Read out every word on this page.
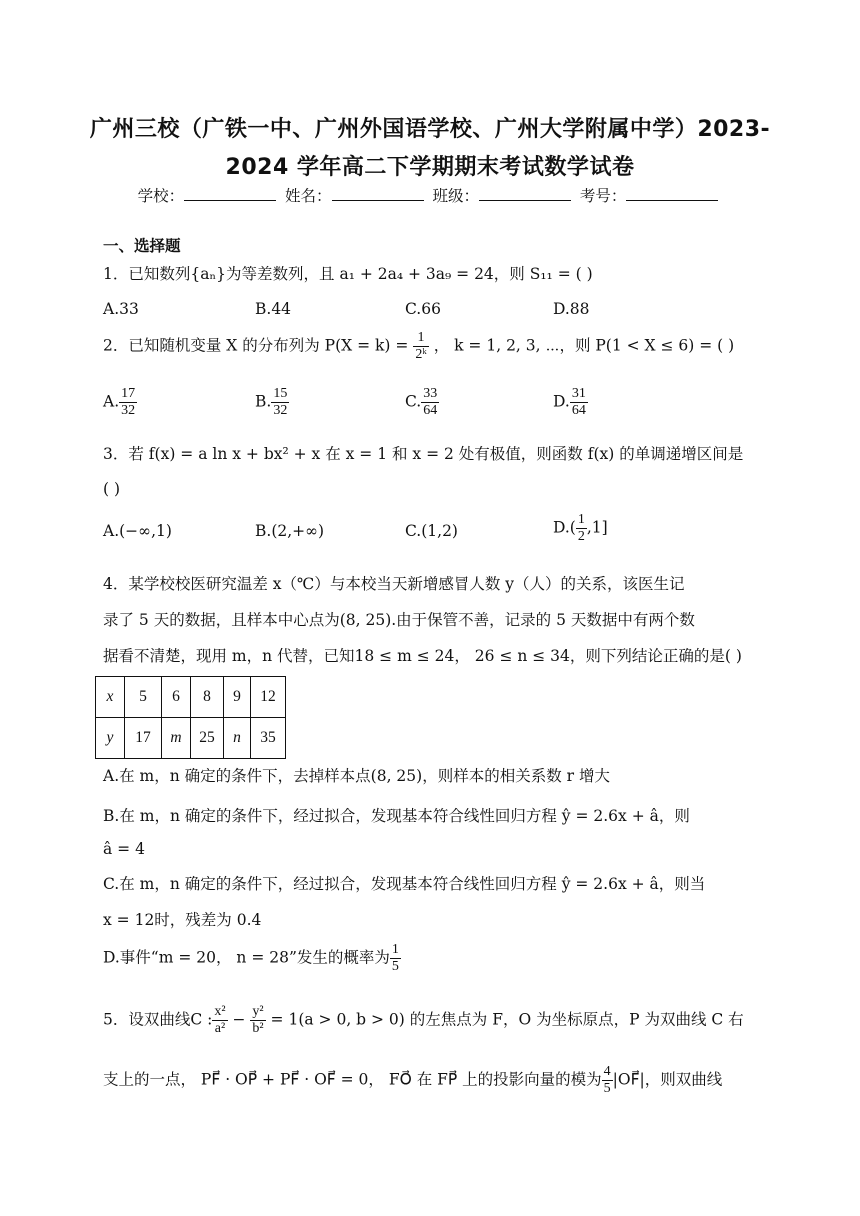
广州三校（广铁一中、广州外国语学校、广州大学附属中学）2023-
2024 学年高二下学期期末考试数学试卷
学校：	姓名：	班级：	考号：
一、选择题
1．已知数列{aₙ}为等差数列，且 a₁ + 2a₄ + 3a₉ = 24，则 S₁₁ = ( )
A.33	B.44	C.66	D.88
2．已知随机变量 X 的分布列为 $P(X = k) = \frac{1}{\text{2ᵏ}}$ ， k = 1, 2, 3, ⋯，则 P(1 < X ≤ 6) = ( )
A. $\frac{17}{32}$	B. $\frac{15}{32}$	C. $\frac{33}{64}$	D. $\frac{31}{64}$
3．若 f(x) = a ln x + bx² + x 在 x = 1 和 x = 2 处有极值，则函数 f(x) 的单调递增区间是
( )
A.(−∞,1)	B.(2,+∞)	C.(1,2)	$D.( \frac{1}{2} ,1]$
4．某学校校医研究温差 x（℃）与本校当天新增感冒人数 y（人）的关系，该医生记
录了 5 天的数据，且样本中心点为(8, 25).由于保管不善，记录的 5 天数据中有两个数
据看不清楚，现用 m，n 代替，已知18 ≤ m ≤ 24， 26 ≤ n ≤ 34，则下列结论正确的是( )
x	5	6	8	9	12
y	17	m	25	n	35
A.在 m，n 确定的条件下，去掉样本点(8, 25)，则样本的相关系数 r 增大
B.在 m，n 确定的条件下，经过拟合，发现基本符合线性回归方程 ŷ = 2.6x + â，则
â = 4
C.在 m，n 确定的条件下，经过拟合，发现基本符合线性回归方程 ŷ = 2.6x + â，则当
x = 12时，残差为 0.4
D.事件“m = 20， n = 28”发生的概率为 $\frac{1}{5}$
5．设双曲线C : $\frac{\text{x²}}{\text{a²}} - \frac{\text{y²}}{\text{b²}} = 1(a > 0$, b > 0) 的左焦点为 F，O 为坐标原点，P 为双曲线 C 右
支上的一点， PF⃗ · OP⃗ + PF⃗ · OF⃗ = 0， FO⃗ 在 FP⃗ 上的投影向量的模为 $\frac{4}{5}$ |OF⃗|，则双曲线
